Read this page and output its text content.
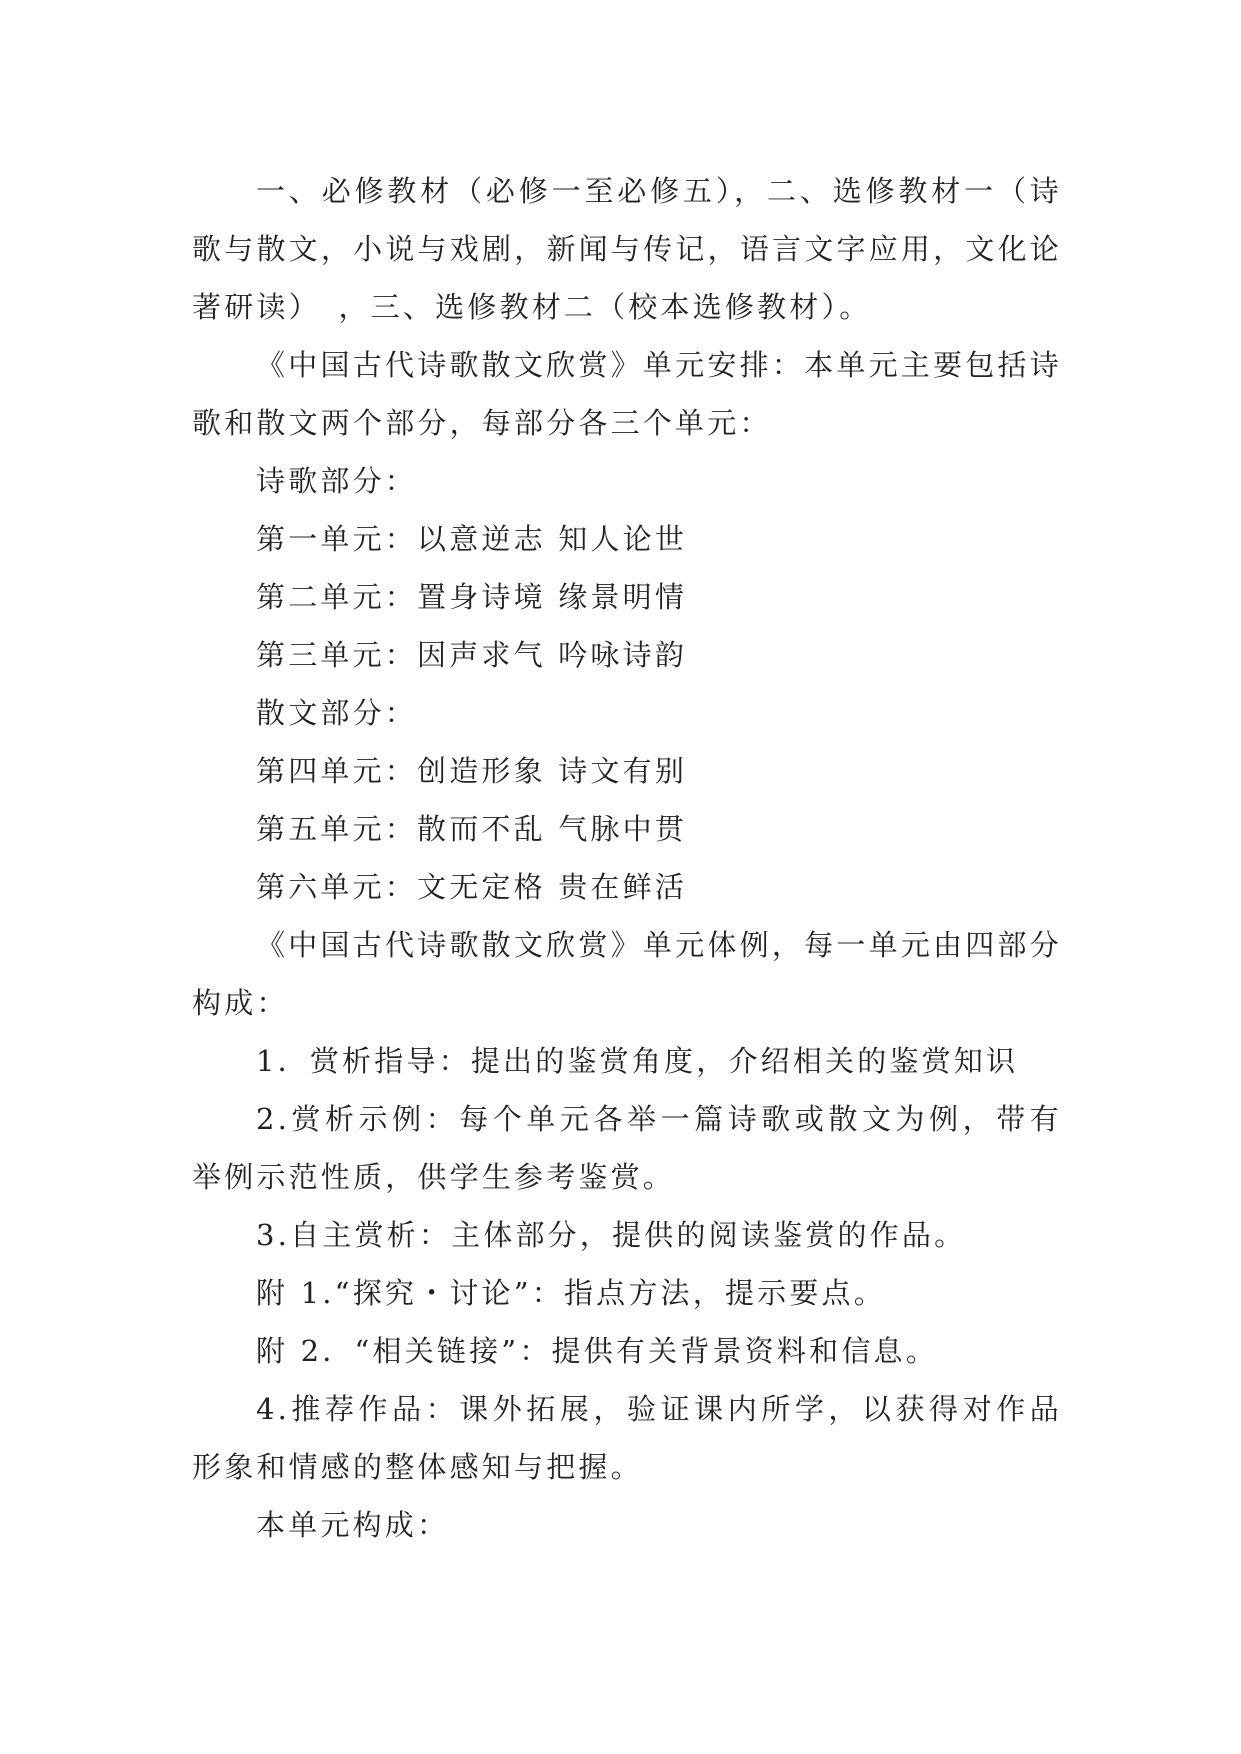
一、必修教材（必修一至必修五），二、选修教材一（诗歌与散文，小说与戏剧，新闻与传记，语言文字应用，文化论著研读）　，三、选修教材二（校本选修教材）。

《中国古代诗歌散文欣赏》单元安排：本单元主要包括诗歌和散文两个部分，每部分各三个单元：

诗歌部分：

第一单元：以意逆志 知人论世

第二单元：置身诗境 缘景明情

第三单元：因声求气 吟咏诗韵

散文部分：

第四单元：创造形象 诗文有别

第五单元：散而不乱 气脉中贯

第六单元：文无定格 贵在鲜活

《中国古代诗歌散文欣赏》单元体例，每一单元由四部分构成：

1．赏析指导：提出的鉴赏角度，介绍相关的鉴赏知识

2.赏析示例：每个单元各举一篇诗歌或散文为例，带有举例示范性质，供学生参考鉴赏。

3.自主赏析：主体部分，提供的阅读鉴赏的作品。

附 1.“探究・讨论”：指点方法，提示要点。

附 2．“相关链接”：提供有关背景资料和信息。

4.推荐作品：课外拓展，验证课内所学，以获得对作品形象和情感的整体感知与把握。

本单元构成：
